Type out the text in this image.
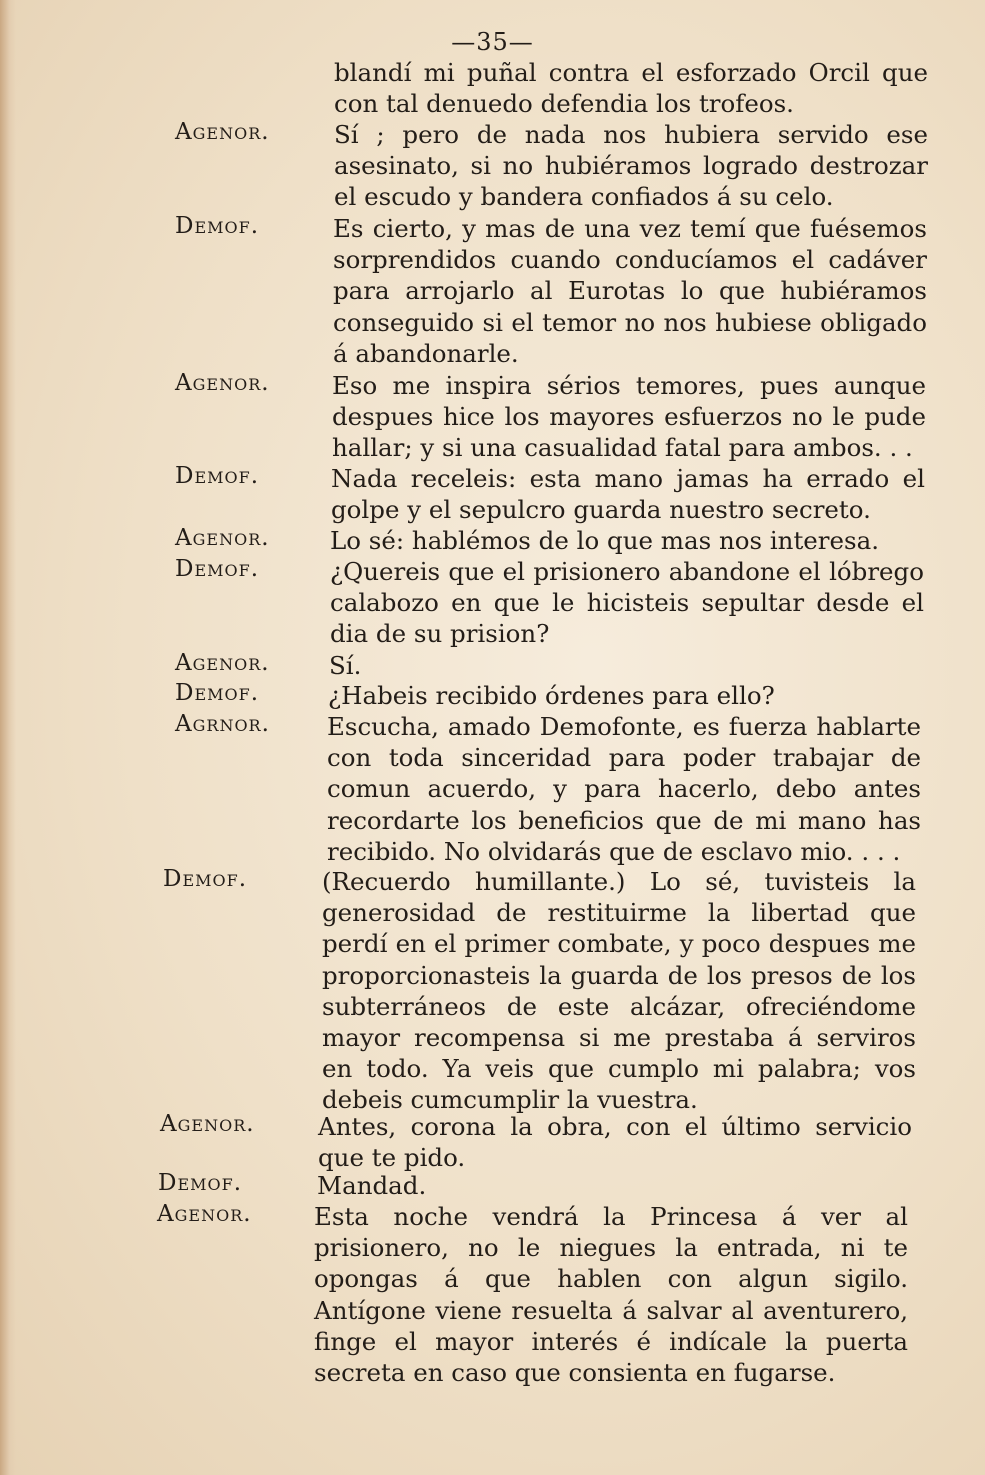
—35—

blandí mi puñal contra el esforzado Orcil que con tal denuedo defendia los trofeos.

Agenor.	Sí ; pero de nada nos hubiera servido ese asesinato, si no hubiéramos logrado destrozar el escudo y bandera confiados á su celo.

Demof.	Es cierto, y mas de una vez temí que fuésemos sorprendidos cuando conducíamos el cadáver para arrojarlo al Eurotas lo que hubiéramos conseguido si el temor no nos hubiese obligado á abandonarle.

Agenor.	Eso me inspira sérios temores, pues aunque despues hice los mayores esfuerzos no le pude hallar; y si una casualidad fatal para ambos. . .

Demof.	Nada receleis: esta mano jamas ha errado el golpe y el sepulcro guarda nuestro secreto.

Agenor. Lo sé: hablémos de lo que mas nos interesa.

Demof.	¿Quereis que el prisionero abandone el lóbrego calabozo en que le hicisteis sepultar desde el dia de su prision?

Agenor. Sí.

Demof.	¿Habeis recibido órdenes para ello?

Agrnor. Escucha, amado Demofonte, es fuerza hablarte con toda sinceridad para poder trabajar de comun acuerdo, y para hacerlo, debo antes recordarte los beneficios que de mi mano has recibido. No olvidarás que de esclavo mio. . . .

Demof.	(Recuerdo humillante.) Lo sé, tuvisteis la generosidad de restituirme la libertad que perdí en el primer combate, y poco despues me proporcionasteis la guarda de los presos de los subterráneos de este alcázar, ofreciéndome mayor recompensa si me prestaba á serviros en todo. Ya veis que cumplo mi palabra; vos debeis cumcumplir la vuestra.

Agenor.	Antes, corona la obra, con el último servicio que te pido.

Demof.	Mandad.

Agenor.	Esta noche vendrá la Princesa á ver al prisionero, no le niegues la entrada, ni te opongas á que hablen con algun sigilo. Antígone viene resuelta á salvar al aventurero, finge el mayor interés é indícale la puerta secreta en caso que consienta en fugarse.
